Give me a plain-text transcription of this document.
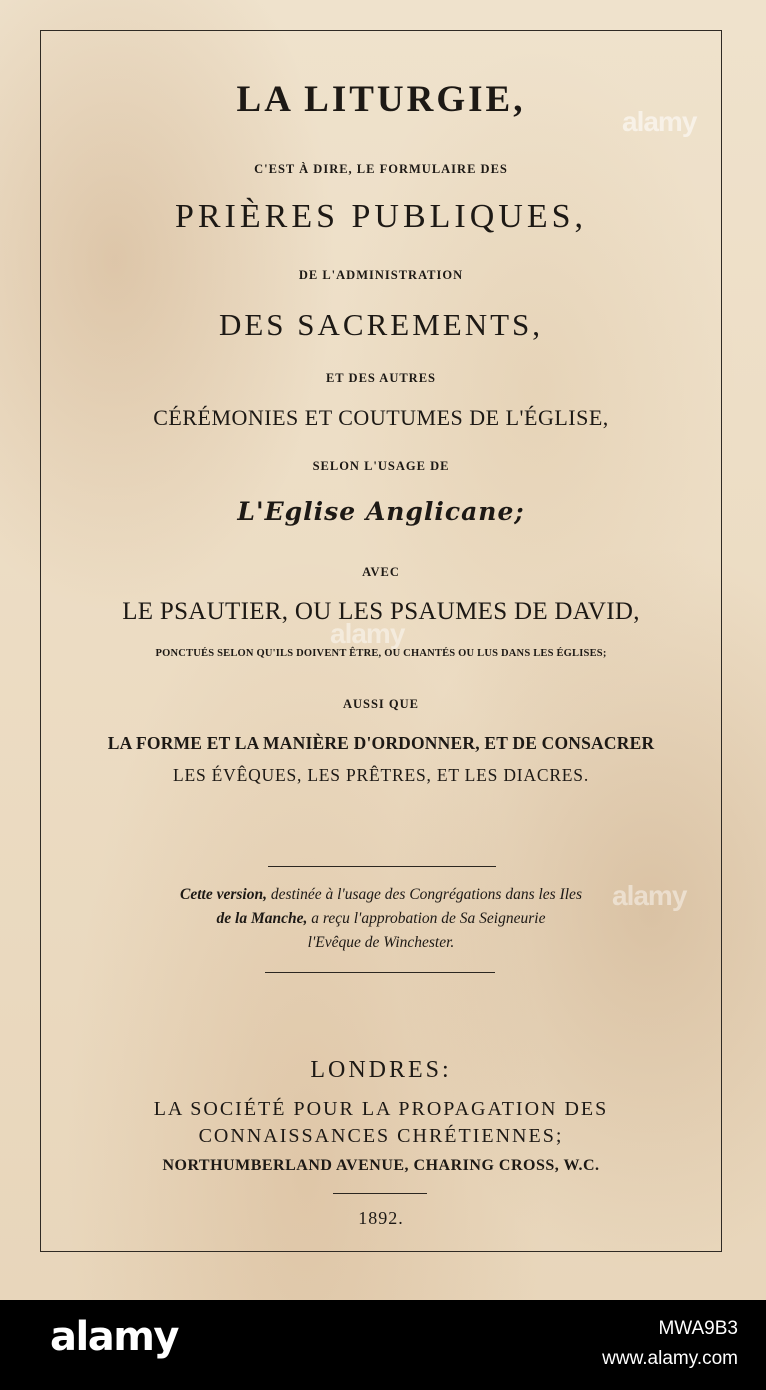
LA LITURGIE,

C'EST À DIRE, LE FORMULAIRE DES

PRIÈRES PUBLIQUES,

DE L'ADMINISTRATION

DES SACREMENTS,

ET DES AUTRES

CÉRÉMONIES ET COUTUMES DE L'ÉGLISE,

SELON L'USAGE DE

L'Eglise Anglicane;

AVEC

LE PSAUTIER, OU LES PSAUMES DE DAVID,

PONCTUÉS SELON QU'ILS DOIVENT ÊTRE, OU CHANTÉS OU LUS DANS LES ÉGLISES;

AUSSI QUE

LA FORME ET LA MANIÈRE D'ORDONNER, ET DE CONSACRER

LES ÉVÊQUES, LES PRÊTRES, ET LES DIACRES.

Cette version, destinée à l'usage des Congrégations dans les Iles

de la Manche, a reçu l'approbation de Sa Seigneurie

l'Evêque de Winchester.

LONDRES:

LA SOCIÉTÉ POUR LA PROPAGATION DES

CONNAISSANCES CHRÉTIENNES;

NORTHUMBERLAND AVENUE, CHARING CROSS, W.C.

1892.

alamy
alamy
alamy
alamy	MWA9B3
www.alamy.com
